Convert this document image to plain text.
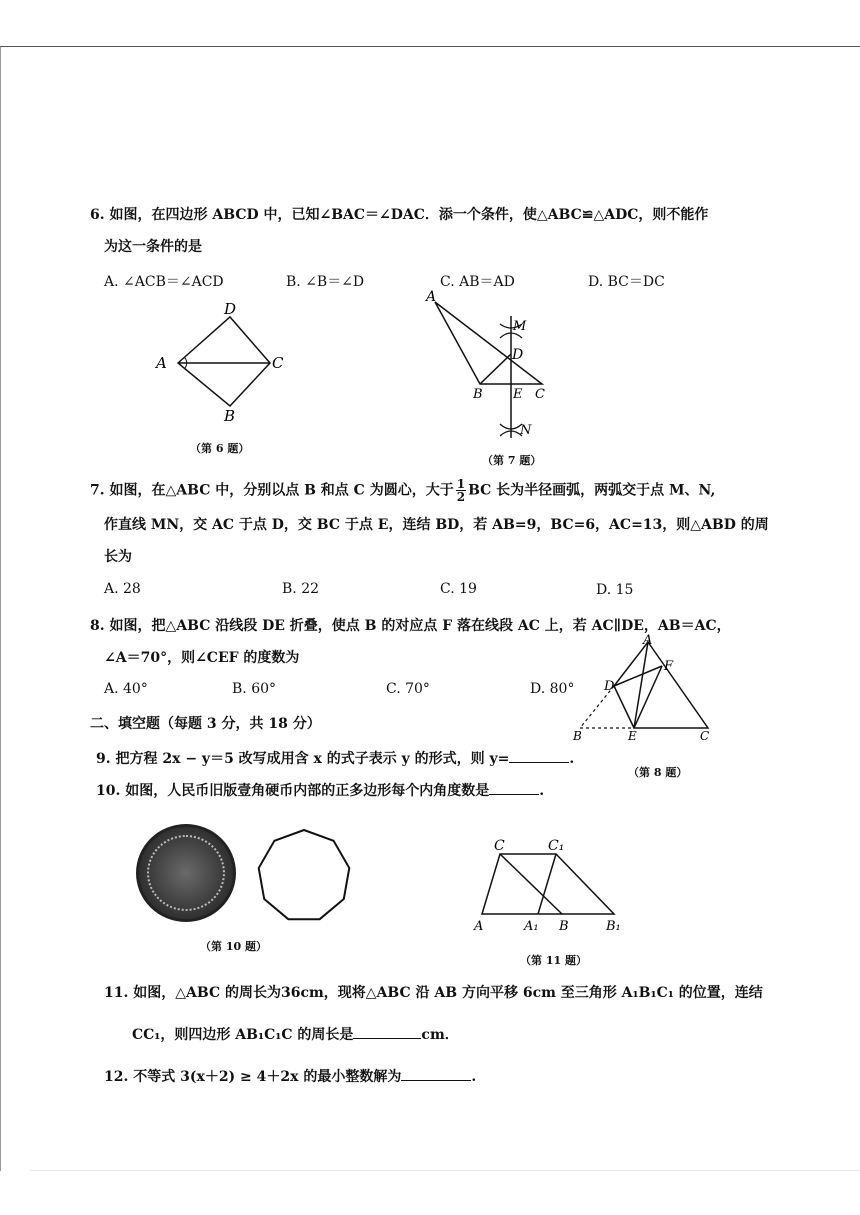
6. 如图，在四边形 ABCD 中，已知∠BAC＝∠DAC．添一个条件，使△ABC≌△ADC，则不能作
为这一条件的是
A. ∠ACB＝∠ACD	B. ∠B＝∠D	C. AB＝AD	D. BC＝DC
A
D
C
B
（第 6 题）
A
M
D
B E C
N
（第 7 题）
7. 如图，在△ABC 中，分别以点 B 和点 C 为圆心，大于 $\frac{1}{2}$ BC 长为半径画弧，两弧交于点 M、N,
作直线 MN，交 AC 于点 D，交 BC 于点 E，连结 BD，若 AB=9，BC=6，AC=13，则△ABD 的周
长为
A. 28	B. 22	C. 19	D. 15
8. 如图，把△ABC 沿线段 DE 折叠，使点 B 的对应点 F 落在线段 AC 上，若 AC∥DE，AB＝AC，
∠A＝70°，则∠CEF 的度数为
A. 40°	B. 60°	C. 70°	D. 80°
A
F
D
B	E	C
（第 8 题）
二、填空题（每题 3 分，共 18 分）
9. 把方程 2x − y＝5 改写成用含 x 的式子表示 y 的形式，则 y=	.
10. 如图，人民币旧版壹角硬币内部的正多边形每个内角度数是	.
（第 10 题）
C	C₁
A	A₁ B	B₁
（第 11 题）
11. 如图，△ABC 的周长为36cm，现将△ABC 沿 AB 方向平移 6cm 至三角形 A₁B₁C₁ 的位置，连结
CC₁，则四边形 AB₁C₁C 的周长是	cm．
12. 不等式 3(x＋2) ≥ 4＋2x 的最小整数解为	.
